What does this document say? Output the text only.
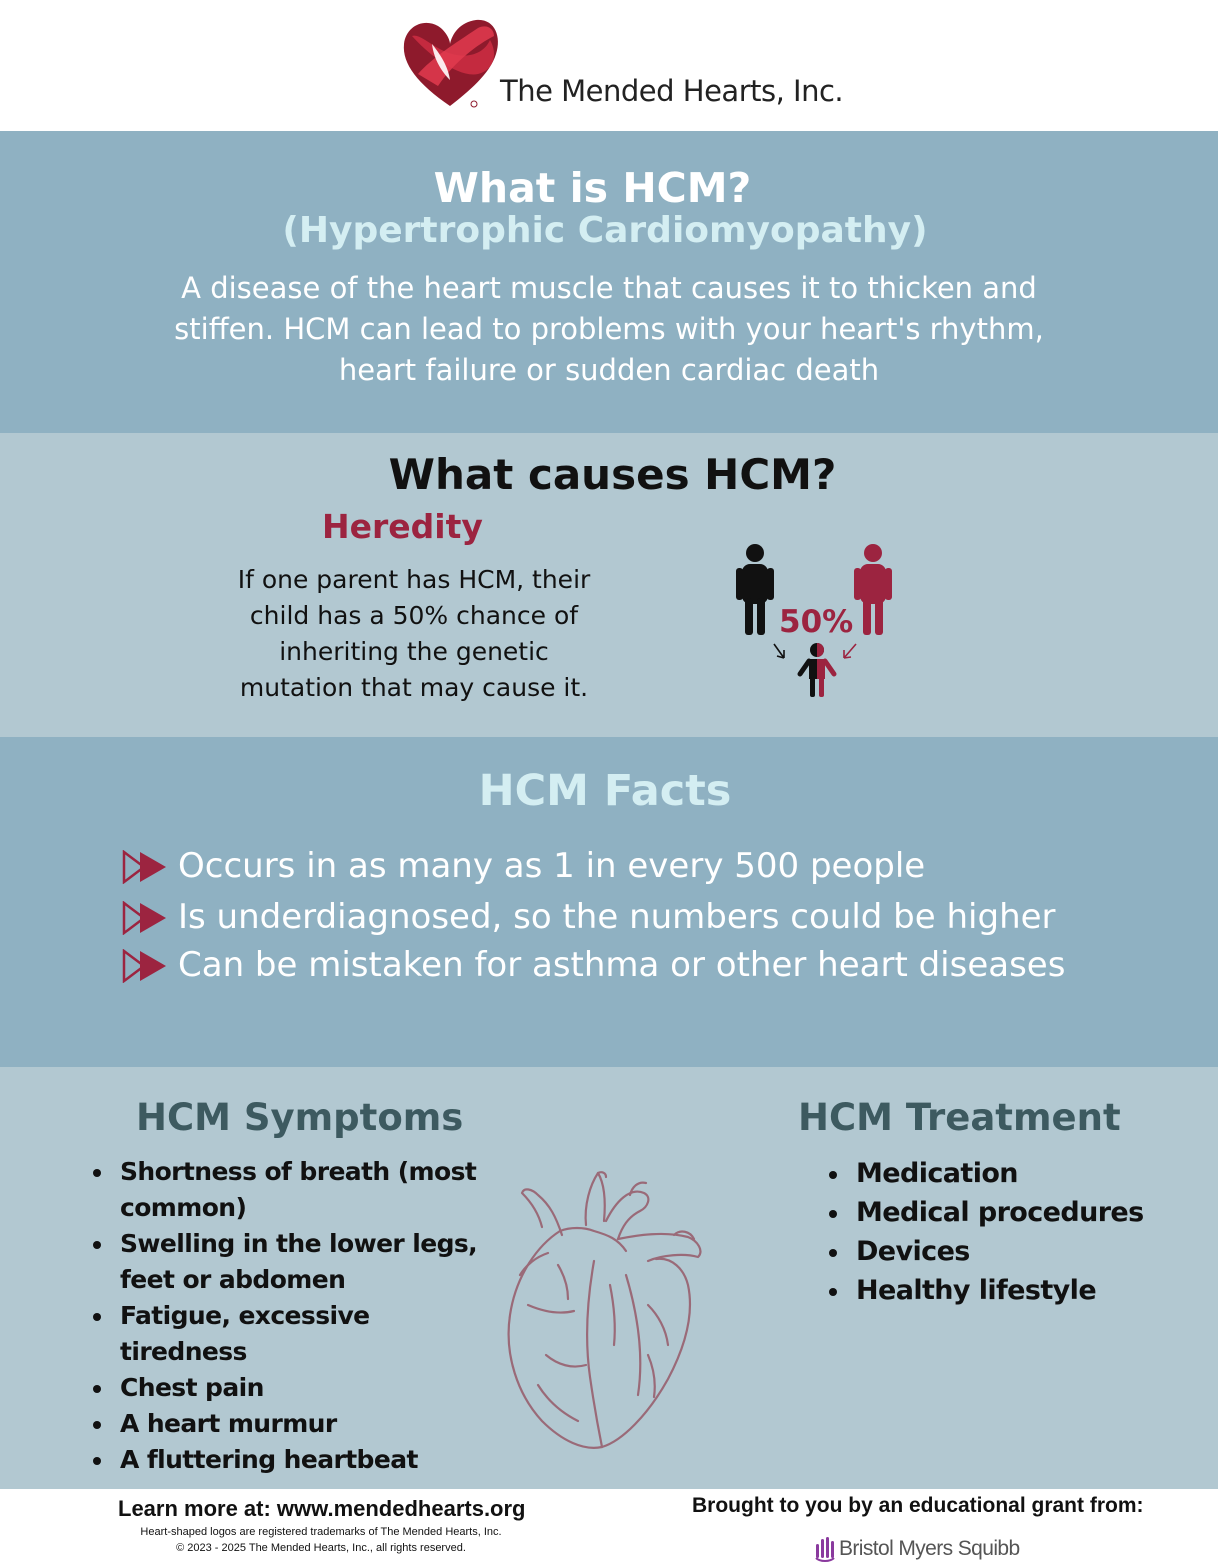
The Mended Hearts, Inc.
What is HCM?
(Hypertrophic Cardiomyopathy)
A disease of the heart muscle that causes it to thicken and stiffen. HCM can lead to problems with your heart's rhythm, heart failure or sudden cardiac death
What causes HCM?
Heredity
If one parent has HCM, their child has a 50% chance of inheriting the genetic mutation that may cause it.
50%
HCM Facts
Occurs in as many as 1 in every 500 people
Is underdiagnosed, so the numbers could be higher
Can be mistaken for asthma or other heart diseases
HCM Symptoms
Shortness of breath (most common)
Swelling in the lower legs, feet or abdomen
Fatigue, excessive tiredness
Chest pain
A heart murmur
A fluttering heartbeat
HCM Treatment
Medication
Medical procedures
Devices
Healthy lifestyle
Learn more at: www.mendedhearts.org
Heart-shaped logos are registered trademarks of The Mended Hearts, Inc.
© 2023 - 2025 The Mended Hearts, Inc., all rights reserved.
Brought to you by an educational grant from:
Bristol Myers Squibb
